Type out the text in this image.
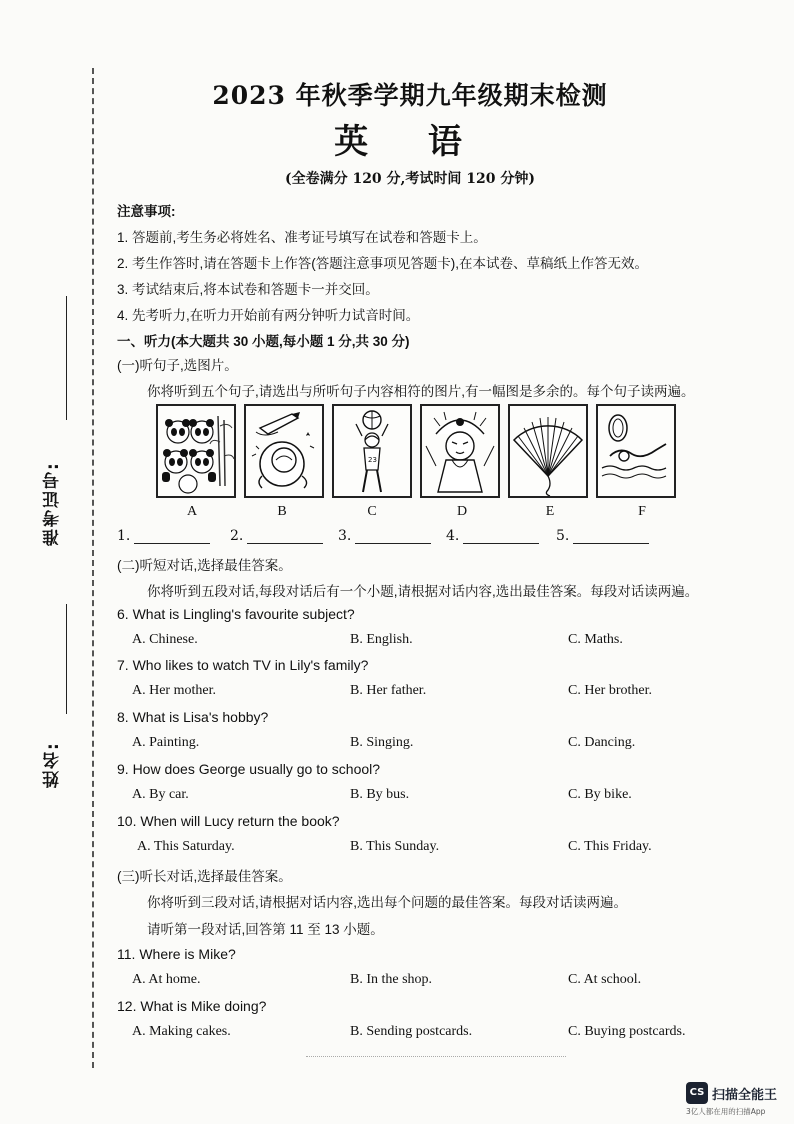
准考证号:
姓名:
2023 年秋季学期九年级期末检测
英 语
(全卷满分 120 分,考试时间 120 分钟)
注意事项:
1. 答题前,考生务必将姓名、准考证号填写在试卷和答题卡上。
2. 考生作答时,请在答题卡上作答(答题注意事项见答题卡),在本试卷、草稿纸上作答无效。
3. 考试结束后,将本试卷和答题卡一并交回。
4. 先考听力,在听力开始前有两分钟听力试音时间。
一、听力(本大题共 30 小题,每小题 1 分,共 30 分)
(一)听句子,选图片。
你将听到五个句子,请选出与所听句子内容相符的图片,有一幅图是多余的。每个句子读两遍。
23
A	B	C	D	E	F
1.	2.	3.	4.	5.
(二)听短对话,选择最佳答案。
你将听到五段对话,每段对话后有一个小题,请根据对话内容,选出最佳答案。每段对话读两遍。
6. What is Lingling's favourite subject?
A. Chinese.	B. English.	C. Maths.
7. Who likes to watch TV in Lily's family?
A. Her mother.	B. Her father.	C. Her brother.
8. What is Lisa's hobby?
A. Painting.	B. Singing.	C. Dancing.
9. How does George usually go to school?
A. By car.	B. By bus.	C. By bike.
10. When will Lucy return the book?
A. This Saturday.	B. This Sunday.	C. This Friday.
(三)听长对话,选择最佳答案。
你将听到三段对话,请根据对话内容,选出每个问题的最佳答案。每段对话读两遍。
请听第一段对话,回答第 11 至 13 小题。
11. Where is Mike?
A. At home.	B. In the shop.	C. At school.
12. What is Mike doing?
A. Making cakes.	B. Sending postcards.	C. Buying postcards.
CS 扫描全能王
3亿人都在用的扫描App
